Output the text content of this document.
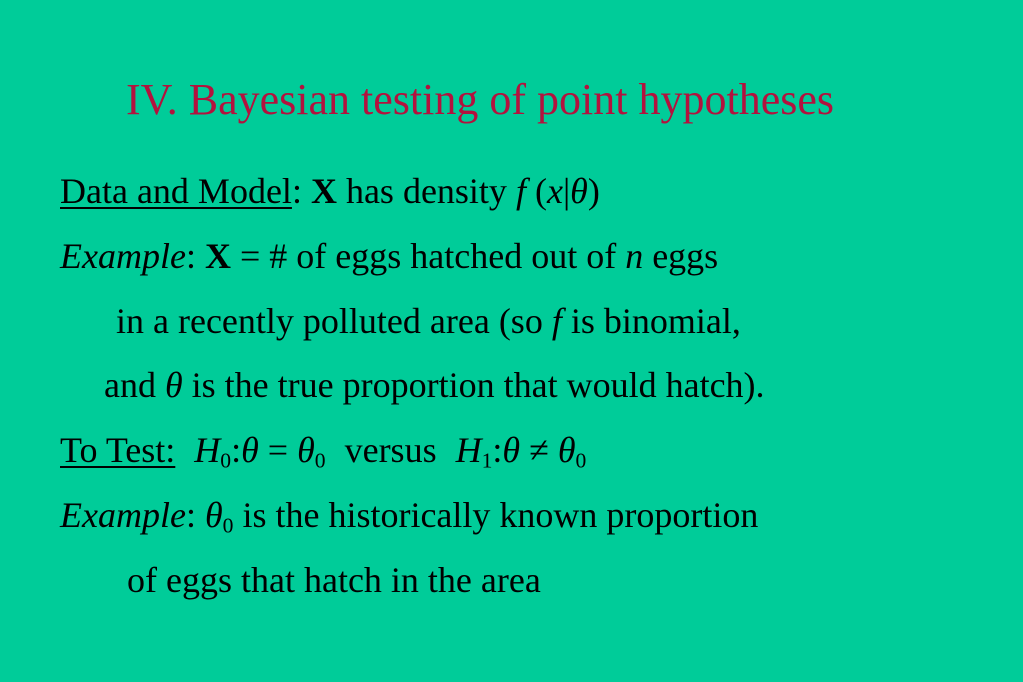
IV. Bayesian testing of point hypotheses
Data and Model: X has density f (x|θ)
Example: X = # of eggs hatched out of n eggs
in a recently polluted area (so f is binomial,
and θ is the true proportion that would hatch).
To Test: $H_0:\theta = \theta_0$ versus $H_1:\theta \ne \theta_0$
Example: $\theta_0$ is the historically known proportion
of eggs that hatch in the area
